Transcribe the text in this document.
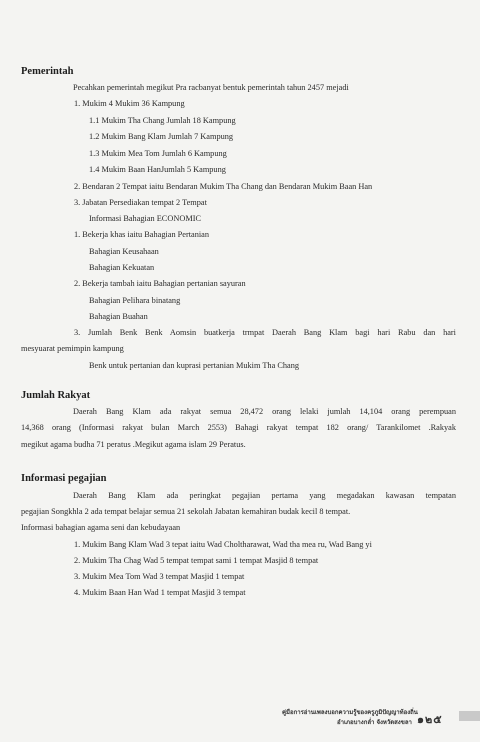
Pemerintah
Pecahkan pemerintah megikut Pra racbanyat bentuk pemerintah tahun 2457 mejadi
1. Mukim 4 Mukim 36 Kampung
1.1 Mukim Tha Chang Jumlah 18 Kampung
1.2 Mukim Bang Klam Jumlah 7 Kampung
1.3 Mukim Mea Tom Jumlah 6 Kampung
1.4 Mukim Baan HanJumlah 5 Kampung
2. Bendaran 2 Tempat iaitu Bendaran Mukim Tha Chang dan Bendaran Mukim Baan Han
3. Jabatan Persediakan tempat 2 Tempat
Informasi Bahagian ECONOMIC
1. Bekerja khas iaitu Bahagian Pertanian
Bahagian Keusahaan
Bahagian Kekuatan
2. Bekerja tambah iaitu Bahagian pertanian sayuran
Bahagian Pelihara binatang
Bahagian Buahan
3. Jumlah Benk Benk Aomsin buatkerja trmpat Daerah Bang Klam bagi hari Rabu dan hari
mesyuarat pemimpin kampung
Benk untuk pertanian dan kuprasi pertanian Mukim Tha Chang
Jumlah Rakyat
Daerah Bang Klam ada rakyat semua 28,472 orang lelaki jumlah 14,104 orang perempuan
14,368 orang (Informasi rakyat bulan March 2553) Bahagi rakyat tempat 182 orang/ Tarankilomet .Rakyak
megikut agama budha 71 peratus .Megikut agama islam 29 Peratus.
Informasi pegajian
Daerah Bang Klam ada peringkat pegajian pertama yang megadakan kawasan tempatan
pegajian Songkhla 2 ada tempat belajar semua 21 sekolah Jabatan kemahiran budak kecil 8 tempat.
Informasi bahagian agama seni dan kebudayaan
1. Mukim Bang Klam Wad 3 tepat iaitu Wad Choltharawat, Wad tha mea ru, Wad Bang yi
2. Mukim Tha Chag Wad 5 tempat tempat sami 1 tempat Masjid 8 tempat
3. Mukim Mea Tom Wad 3 tempat Masjid 1 tempat
4. Mukim Baan Han Wad 1 tempat Masjid 3 tempat
คู่มือการอ่านเพลงบอกความรู้ของครูภูมิปัญญาท้องถิ่น
อำเภอบางกล่ำ จังหวัดสงขลา ๑๒๕
